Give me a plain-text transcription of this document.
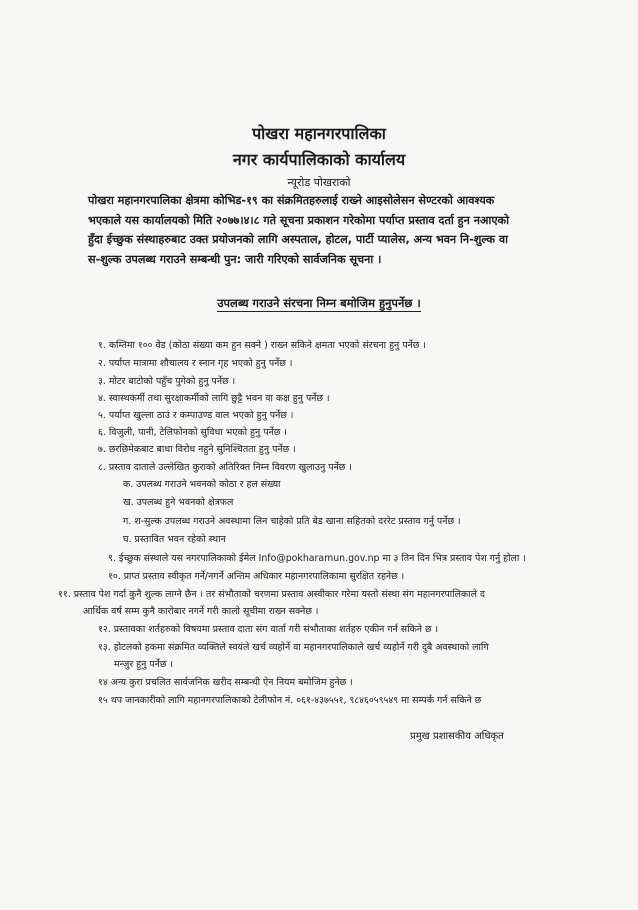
पोखरा महानगरपालिका
नगर कार्यपालिकाको कार्यालय
न्यूरोड पोखराको
पोखरा महानगरपालिका क्षेत्रमा कोभिड-१९ का संक्रमितहरुलाई राख्ने आइसोलेसन सेण्टरको आवश्यक
भएकाले यस कार्यालयको मिति २०७७।४।८ गते सूचना प्रकाशन गरेकोमा पर्याप्त प्रस्ताव दर्ता हुन नआएको
हुँदा ईच्छुक संस्थाहरुबाट उक्त प्रयोजनको लागि अस्पताल, होटल, पार्टी प्यालेस, अन्य भवन नि-शुल्क वा
स-शुल्क उपलब्ध गराउने सम्बन्धी पुन: जारी गरिएको सार्वजनिक सूचना ।
उपलब्ध गराउने संरचना निम्न बमोजिम हुनुपर्नेछ ।
१. कम्तिमा १०० वेड (कोठा संख्या कम हुन सक्ने ) राख्न सकिने क्षमता भएको संरचना हुनु पर्नेछ ।
२. पर्याप्त मात्रामा शौचालय र स्नान गृह भएको हुनु पर्नेछ ।
३. मोटर बाटोको पहुँच पुगेको हुनु पर्नेछ ।
४. स्वास्थकर्मी तथा सुरक्षाकर्मीको लागि छुट्टै भवन वा कक्ष हुनु पर्नेछ ।
५. पर्याप्त खुल्ला ठाउं र कम्पाउण्ड वाल भएको हुनु पर्नेछ ।
६. विजुली, पानी, टेलिफोनको सुविधा भएको हुनु पर्नेछ ।
७. छरछिमेकबाट बाधा विरोध नहुने सुनिश्चितता हुनु पर्नेछ ।
८. प्रस्ताव दाताले उल्लेखित कुराको अतिरिक्त निम्न विवरण खुलाउनु पर्नेछ ।
क. उपलब्ध गराउने भवनको कोठा र हल संख्या
ख. उपलब्ध हुने भवनको क्षेत्रफल
ग. श-सुल्क उपलब्ध गराउने अवस्थामा लिन चाहेको प्रति बेड खाना सहितको दररेट प्रस्ताव गर्नु पर्नेछ ।
घ. प्रस्तावित भवन रहेको स्थान
९. ईच्छुक संस्थाले यस नगरपालिकाको ईमेल Info@pokharamun.gov.np मा ३ तिन दिन भित्र प्रस्ताव पेश गर्नु होला ।
१०. प्राप्त प्रस्ताव स्वीकृत गर्ने/नगर्ने अन्तिम अधिकार महानगरपालिकामा सुरक्षित रहनेछ ।
११. प्रस्ताव पेश गर्दा कुनै शुल्क लाग्ने छैन । तर संभौताको चरणमा प्रस्ताव अस्वीकार गरेमा यस्तो संस्था संग महानगरपालिकाले द
आर्थिक वर्ष सम्म कुनै कारोबार नगर्ने गरी कालो सूचीमा राख्न सक्नेछ ।
१२. प्रस्तावका शर्तहरुको विषयमा प्रस्ताव दाता संग वार्ता गरी संभौताका शर्तहरु एकीन गर्न सकिने छ ।
१३. होटलको हकमा संक्रमित व्यक्तिले स्वयंले खर्च व्यहोर्ने वा महानगरपालिकाले खर्च व्यहोर्ने गरी दुबै अवस्थाको लागि
मन्जुर हुनु पर्नेछ ।
१४ अन्य कुरा प्रचलित सार्वजनिक खरीद सम्बन्धी ऐन नियम बमोजिम हुनेछ ।
१५ थप जानकारीको लागि महानगरपालिकाको टेलीफोन नं. ०६१-४३७५५१, ९८४६०५९५४९ मा सम्पर्क गर्न सकिने छ
प्रमुख प्रशासकीय अधिकृत
